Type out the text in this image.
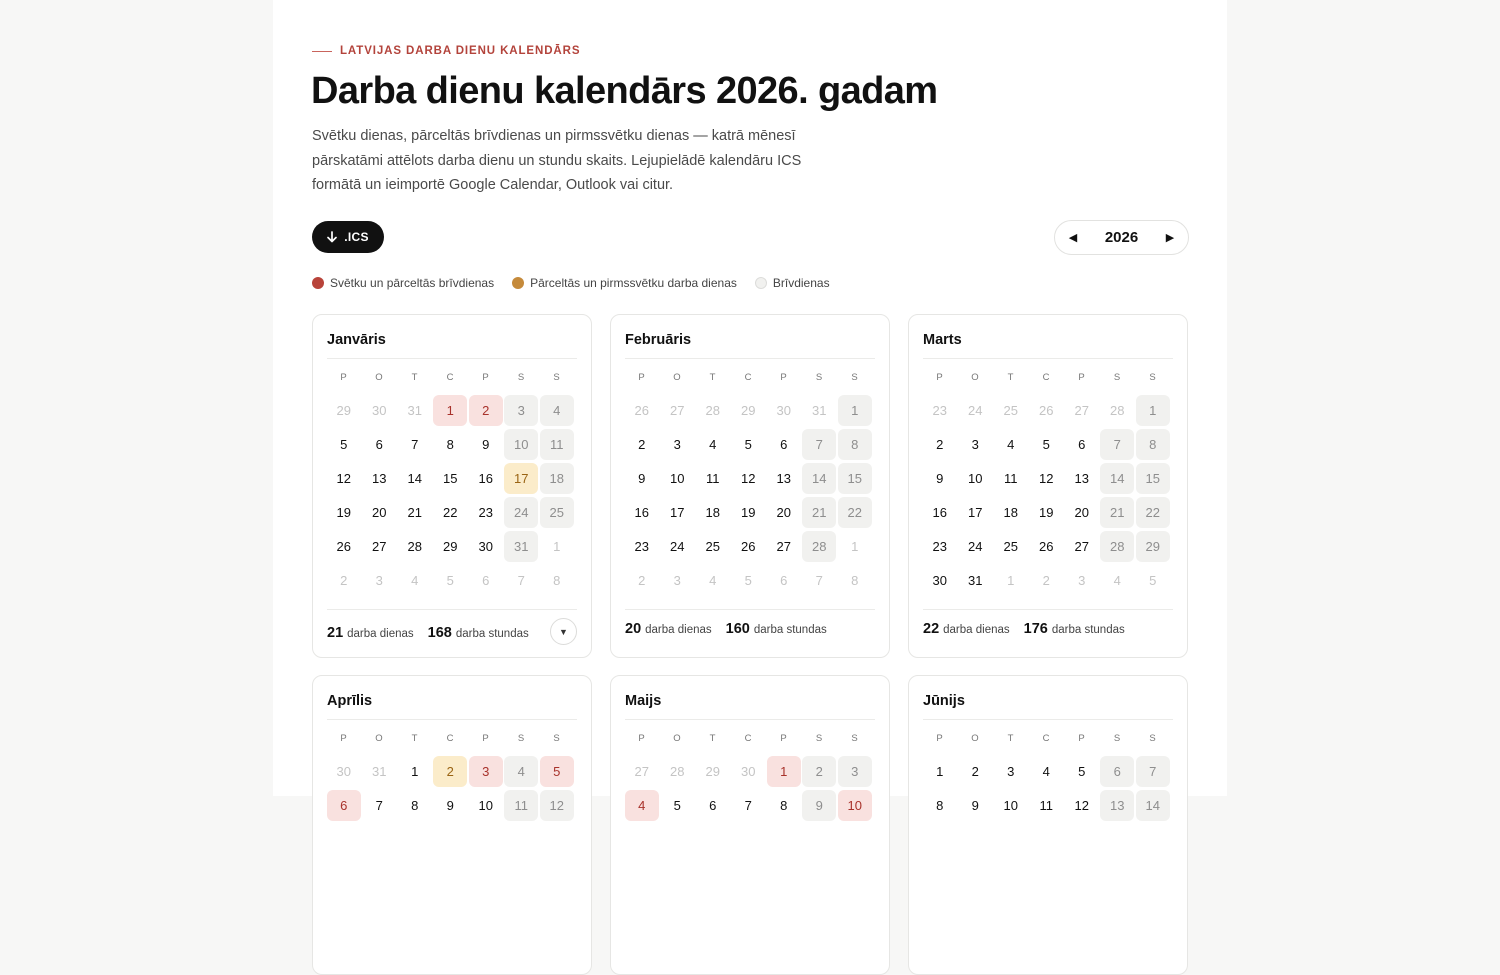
LATVIJAS DARBA DIENU KALENDĀRS
Darba dienu kalendārs 2026. gadam

Svētku dienas, pārceltās brīvdienas un pirmssvētku dienas — katrā mēnesī pārskatāmi attēlots darba dienu un stundu skaits. Lejupielādē kalendāru ICS formātā un ieimportē Google Calendar, Outlook vai citur.

.ICS	◀ 2026	▶
Svētku un pārceltās brīvdienas	Pārceltās un pirmssvētku darba dienas	Brīvdienas
Janvāris
P	O	T	C	P	S	S
29	30	31	1	2	3	4
5	6	7	8	9	10	11
12	13	14	15	16	17	18
19	20	21	22	23	24	25
26	27	28	29	30	31	1
2	3	4	5	6	7	8
21 darba dienas 168 darba stundas	▼
Februāris
P	O	T	C	P	S	S
26	27	28	29	30	31	1
2	3	4	5	6	7	8
9	10	11	12	13	14	15
16	17	18	19	20	21	22
23	24	25	26	27	28	1
2	3	4	5	6	7	8
20 darba dienas 160 darba stundas
Marts
P	O	T	C	P	S	S
23	24	25	26	27	28	1
2	3	4	5	6	7	8
9	10	11	12	13	14	15
16	17	18	19	20	21	22
23	24	25	26	27	28	29
30	31	1	2	3	4	5
22 darba dienas 176 darba stundas
Aprīlis
P	O	T	C	P	S	S
30	31	1	2	3	4	5
6	7	8	9	10	11	12
Maijs
P	O	T	C	P	S	S
27	28	29	30	1	2	3
4	5	6	7	8	9	10
Jūnijs
P	O	T	C	P	S	S
1	2	3	4	5	6	7
8	9	10	11	12	13	14
